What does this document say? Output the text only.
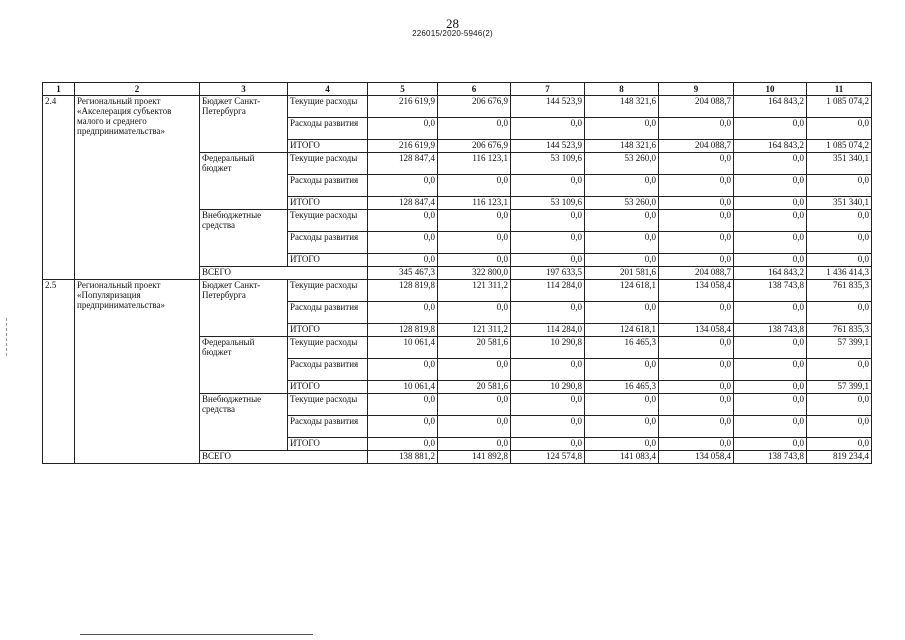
28
226015/2020-5946(2)
1	2	3	4	5	6	7	8	9	10	11
2.4	Региональный проект «Акселерация субъектов малого и среднего предпринимательства»	Бюджет Санкт-Петербурга	Текущие расходы	216 619,9	206 676,9	144 523,9	148 321,6	204 088,7	164 843,2	1 085 074,2
			Расходы развития	0,0	0,0	0,0	0,0	0,0	0,0	0,0
			ИТОГО	216 619,9	206 676,9	144 523,9	148 321,6	204 088,7	164 843,2	1 085 074,2
		Федеральный бюджет	Текущие расходы	128 847,4	116 123,1	53 109,6	53 260,0	0,0	0,0	351 340,1
			Расходы развития	0,0	0,0	0,0	0,0	0,0	0,0	0,0
			ИТОГО	128 847,4	116 123,1	53 109,6	53 260,0	0,0	0,0	351 340,1
		Внебюджетные средства	Текущие расходы	0,0	0,0	0,0	0,0	0,0	0,0	0,0
			Расходы развития	0,0	0,0	0,0	0,0	0,0	0,0	0,0
			ИТОГО	0,0	0,0	0,0	0,0	0,0	0,0	0,0
		ВСЕГО		345 467,3	322 800,0	197 633,5	201 581,6	204 088,7	164 843,2	1 436 414,3
2.5	Региональный проект «Популяризация предпринимательства»	Бюджет Санкт-Петербурга	Текущие расходы	128 819,8	121 311,2	114 284,0	124 618,1	134 058,4	138 743,8	761 835,3
			Расходы развития	0,0	0,0	0,0	0,0	0,0	0,0	0,0
			ИТОГО	128 819,8	121 311,2	114 284,0	124 618,1	134 058,4	138 743,8	761 835,3
		Федеральный бюджет	Текущие расходы	10 061,4	20 581,6	10 290,8	16 465,3	0,0	0,0	57 399,1
			Расходы развития	0,0	0,0	0,0	0,0	0,0	0,0	0,0
			ИТОГО	10 061,4	20 581,6	10 290,8	16 465,3	0,0	0,0	57 399,1
		Внебюджетные средства	Текущие расходы	0,0	0,0	0,0	0,0	0,0	0,0	0,0
			Расходы развития	0,0	0,0	0,0	0,0	0,0	0,0	0,0
			ИТОГО	0,0	0,0	0,0	0,0	0,0	0,0	0,0
		ВСЕГО		138 881,2	141 892,8	124 574,8	141 083,4	134 058,4	138 743,8	819 234,4
